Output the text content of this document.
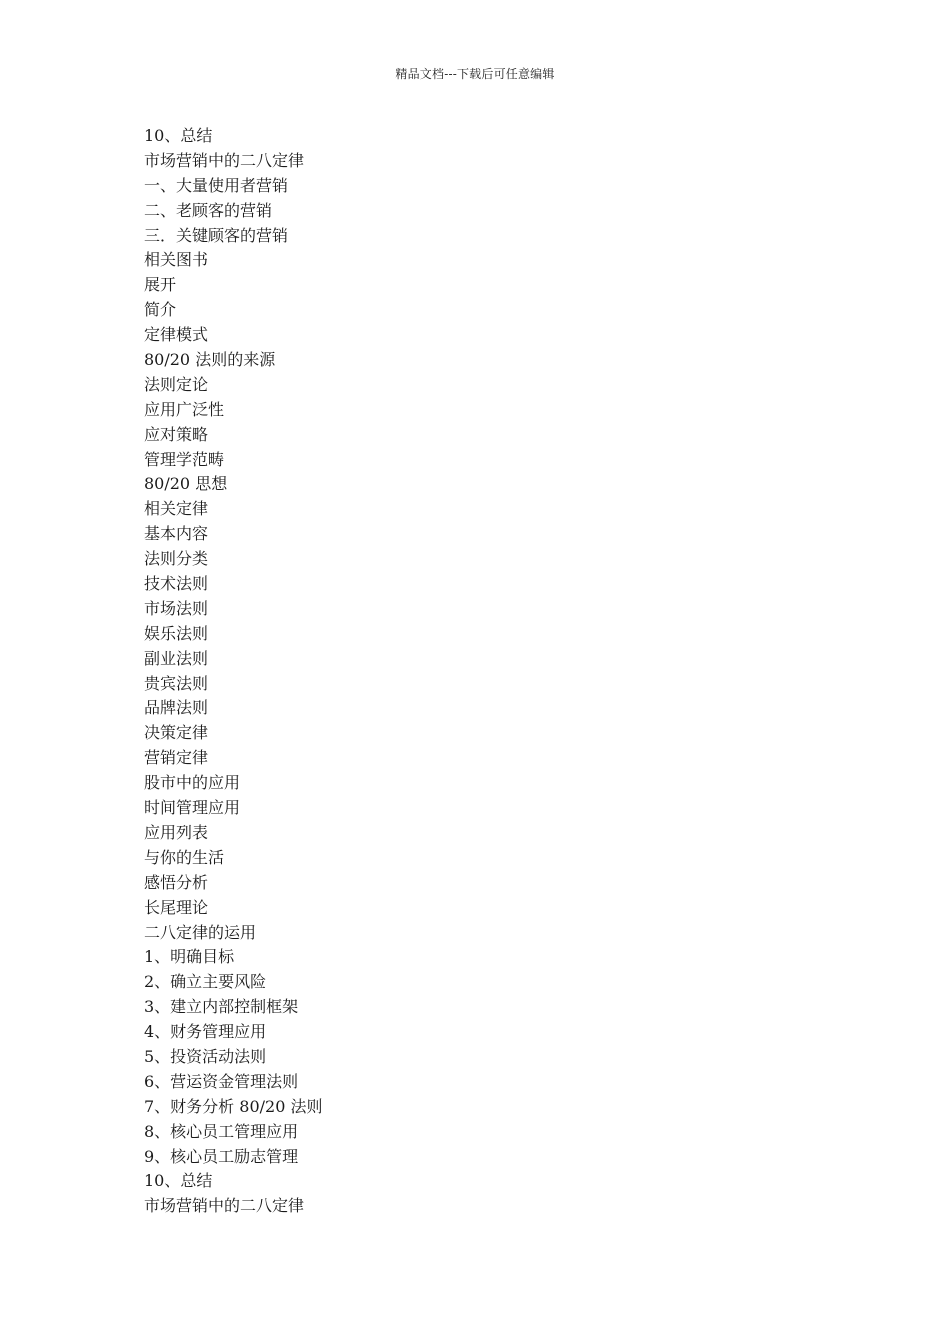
精品文档---下载后可任意编辑
10、总结
市场营销中的二八定律
一、大量使用者营销
二、老顾客的营销
三．关键顾客的营销
相关图书
展开
简介
定律模式
80/20 法则的来源
法则定论
应用广泛性
应对策略
管理学范畴
80/20 思想
相关定律
基本内容
法则分类
技术法则
市场法则
娱乐法则
副业法则
贵宾法则
品牌法则
决策定律
营销定律
股市中的应用
时间管理应用
应用列表
与你的生活
感悟分析
长尾理论
二八定律的运用
1、明确目标
2、确立主要风险
3、建立内部控制框架
4、财务管理应用
5、投资活动法则
6、营运资金管理法则
7、财务分析 80/20 法则
8、核心员工管理应用
9、核心员工励志管理
10、总结
市场营销中的二八定律
